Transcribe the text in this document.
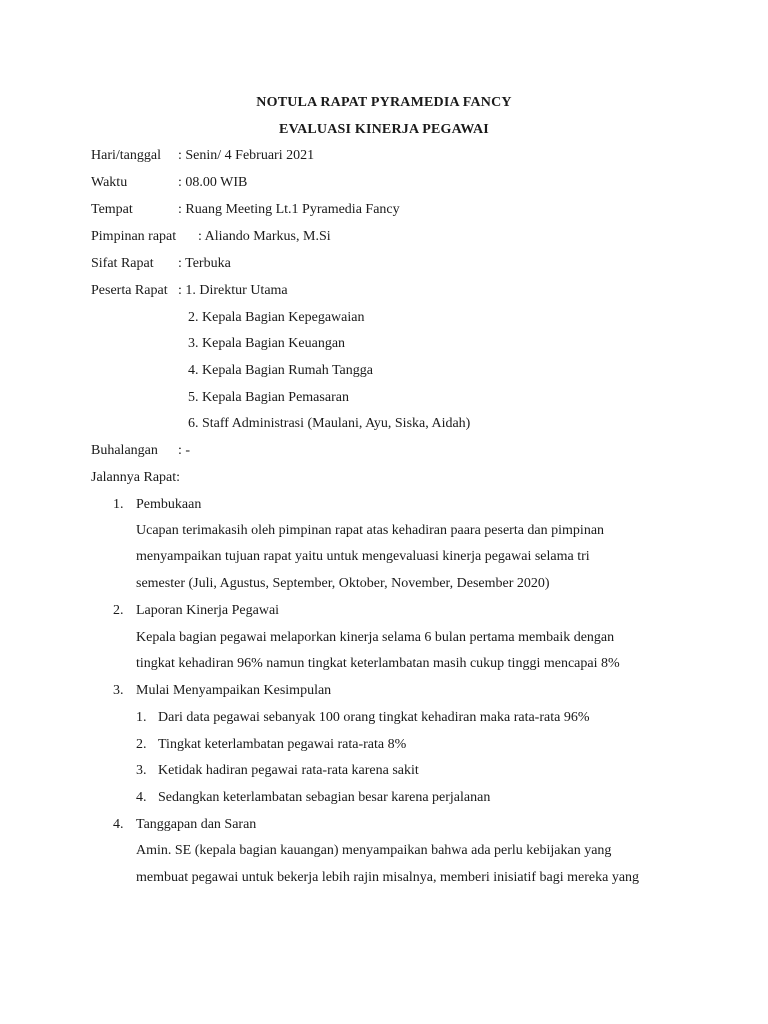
NOTULA RAPAT PYRAMEDIA FANCY
EVALUASI KINERJA PEGAWAI
Hari/tanggal : Senin/ 4 Februari 2021
Waktu	: 08.00 WIB
Tempat	: Ruang Meeting Lt.1 Pyramedia Fancy
Pimpinan rapat : Aliando Markus, M.Si
Sifat Rapat : Terbuka
Peserta Rapat : 1. Direktur Utama
2. Kepala Bagian Kepegawaian
3. Kepala Bagian Keuangan
4. Kepala Bagian Rumah Tangga
5. Kepala Bagian Pemasaran
6. Staff Administrasi (Maulani, Ayu, Siska, Aidah)
Buhalangan : -
Jalannya Rapat:
1. Pembukaan
Ucapan terimakasih oleh pimpinan rapat atas kehadiran paara peserta dan pimpinan
menyampaikan tujuan rapat yaitu untuk mengevaluasi kinerja pegawai selama tri
semester (Juli, Agustus, September, Oktober, November, Desember 2020)
2. Laporan Kinerja Pegawai
Kepala bagian pegawai melaporkan kinerja selama 6 bulan pertama membaik dengan
tingkat kehadiran 96% namun tingkat keterlambatan masih cukup tinggi mencapai 8%
3. Mulai Menyampaikan Kesimpulan
1. Dari data pegawai sebanyak 100 orang tingkat kehadiran maka rata-rata 96%
2. Tingkat keterlambatan pegawai rata-rata 8%
3. Ketidak hadiran pegawai rata-rata karena sakit
4. Sedangkan keterlambatan sebagian besar karena perjalanan
4. Tanggapan dan Saran
Amin. SE (kepala bagian kauangan) menyampaikan bahwa ada perlu kebijakan yang
membuat pegawai untuk bekerja lebih rajin misalnya, memberi inisiatif bagi mereka yang
